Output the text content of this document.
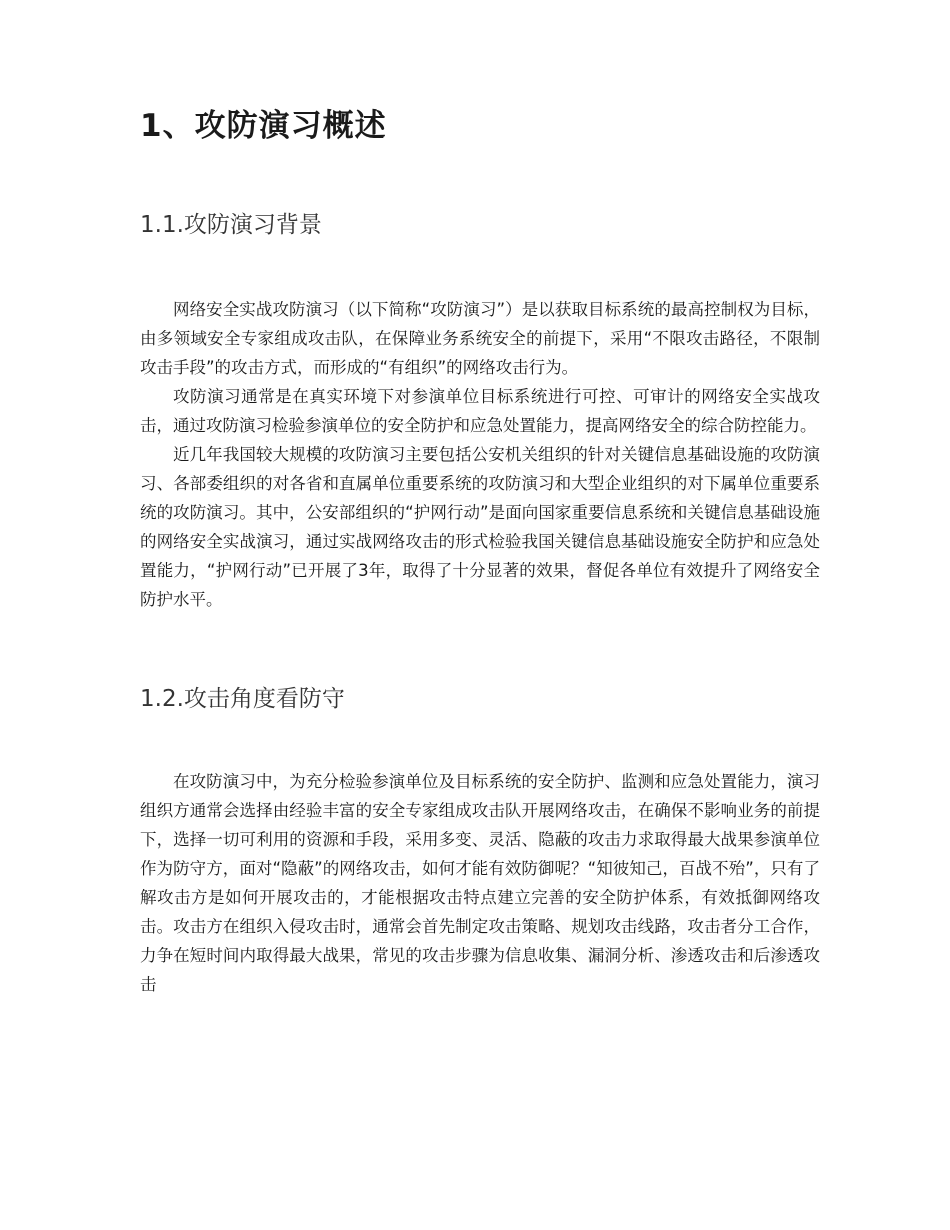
1、攻防演习概述
1.1.攻防演习背景

网络安全实战攻防演习（以下简称“攻防演习”）是以获取目标系统的最高控制权为目标，由多领域安全专家组成攻击队，在保障业务系统安全的前提下，采用“不限攻击路径，不限制攻击手段”的攻击方式，而形成的“有组织”的网络攻击行为。

攻防演习通常是在真实环境下对参演单位目标系统进行可控、可审计的网络安全实战攻击，通过攻防演习检验参演单位的安全防护和应急处置能力，提高网络安全的综合防控能力。

近几年我国较大规模的攻防演习主要包括公安机关组织的针对关键信息基础设施的攻防演习、各部委组织的对各省和直属单位重要系统的攻防演习和大型企业组织的对下属单位重要系统的攻防演习。其中，公安部组织的“护网行动”是面向国家重要信息系统和关键信息基础设施的网络安全实战演习，通过实战网络攻击的形式检验我国关键信息基础设施安全防护和应急处置能力，“护网行动”已开展了3年，取得了十分显著的效果，督促各单位有效提升了网络安全防护水平。

1.2.攻击角度看防守

在攻防演习中，为充分检验参演单位及目标系统的安全防护、监测和应急处置能力，演习组织方通常会选择由经验丰富的安全专家组成攻击队开展网络攻击，在确保不影响业务的前提下，选择一切可利用的资源和手段，采用多变、灵活、隐蔽的攻击力求取得最大战果参演单位作为防守方，面对“隐蔽”的网络攻击，如何才能有效防御呢？“知彼知己，百战不殆”，只有了解攻击方是如何开展攻击的，才能根据攻击特点建立完善的安全防护体系，有效抵御网络攻击。攻击方在组织入侵攻击时，通常会首先制定攻击策略、规划攻击线路，攻击者分工合作，力争在短时间内取得最大战果，常见的攻击步骤为信息收集、漏洞分析、渗透攻击和后渗透攻击
